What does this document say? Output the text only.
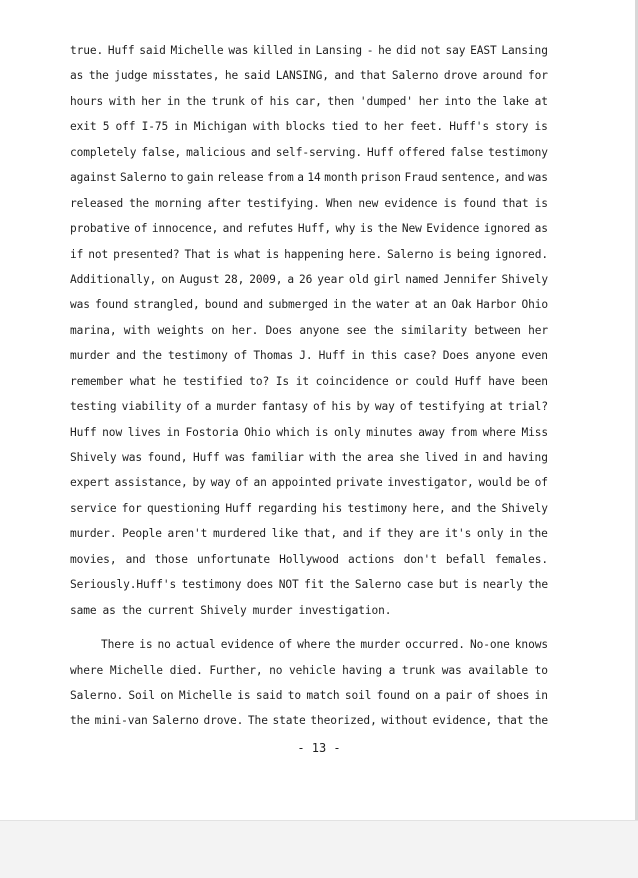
true. Huff said Michelle was killed in Lansing - he did not say EAST Lansing
as the judge misstates, he said LANSING, and that Salerno drove around for
hours with her in the trunk of his car, then 'dumped' her into the lake at
exit 5 off I-75 in Michigan with blocks tied to her feet. Huff's story is
completely false, malicious and self-serving. Huff offered false testimony
against Salerno to gain release from a 14 month prison Fraud sentence, and was
released the morning after testifying. When new evidence is found that is
probative of innocence, and refutes Huff, why is the New Evidence ignored as
if not presented? That is what is happening here. Salerno is being ignored.
Additionally, on August 28, 2009, a 26 year old girl named Jennifer Shively
was found strangled, bound and submerged in the water at an Oak Harbor Ohio
marina, with weights on her. Does anyone see the similarity between her
murder and the testimony of Thomas J. Huff in this case? Does anyone even
remember what he testified to? Is it coincidence or could Huff have been
testing viability of a murder fantasy of his by way of testifying at trial?
Huff now lives in Fostoria Ohio which is only minutes away from where Miss
Shively was found, Huff was familiar with the area she lived in and having
expert assistance, by way of an appointed private investigator, would be of
service for questioning Huff regarding his testimony here, and the Shively
murder. People aren't murdered like that, and if they are it's only in the
movies, and those unfortunate Hollywood actions don't befall females.
Seriously.Huff's testimony does NOT fit the Salerno case but is nearly the
same as the current Shively murder investigation.
There is no actual evidence of where the murder occurred. No-one knows
where Michelle died. Further, no vehicle having a trunk was available to
Salerno. Soil on Michelle is said to match soil found on a pair of shoes in
the mini-van Salerno drove. The state theorized, without evidence, that the
- 13 -
